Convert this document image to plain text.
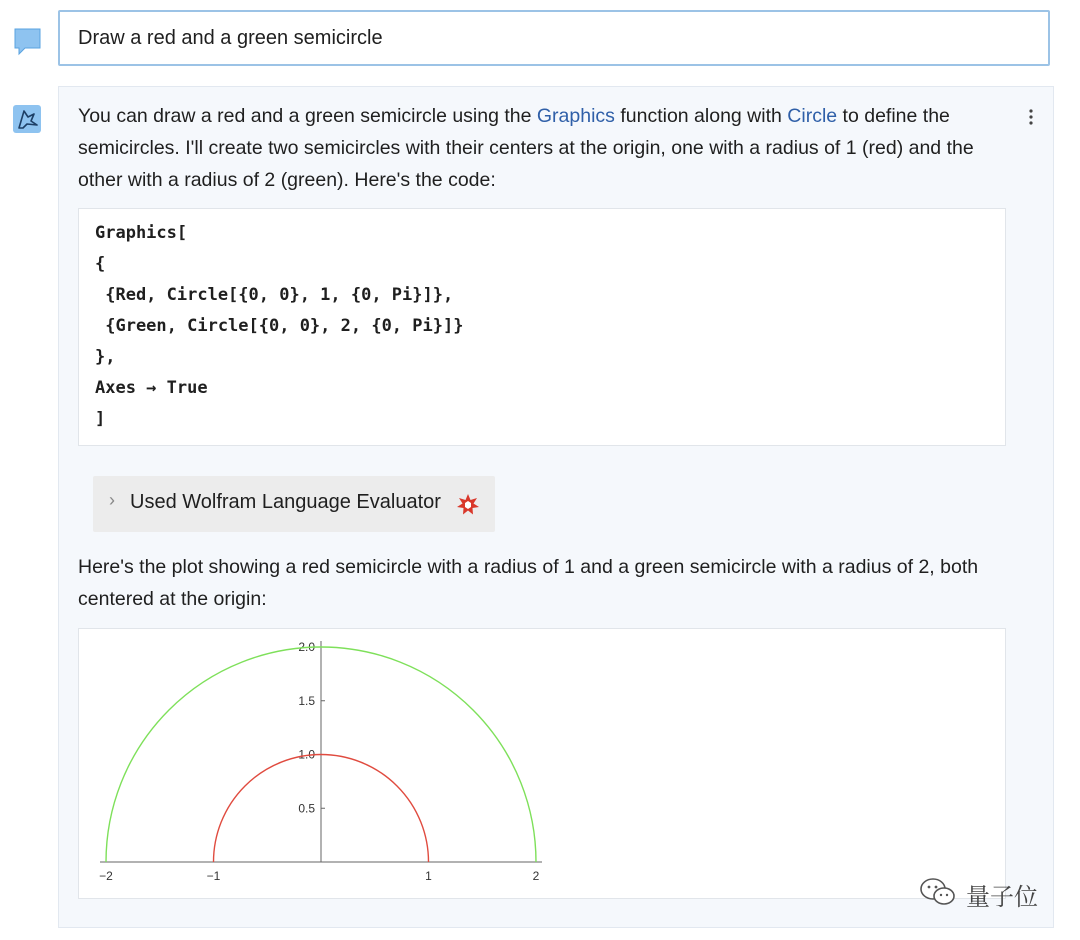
Draw a red and a green semicircle
You can draw a red and a green semicircle using the Graphics function along with Circle to define the semicircles. I'll create two semicircles with their centers at the origin, one with a radius of 1 (red) and the other with a radius of 2 (green). Here's the code:
Graphics[
{
{Red, Circle[{0, 0}, 1, {0, Pi}]},
{Green, Circle[{0, 0}, 2, {0, Pi}]}
},
Axes → True
]
› Used Wolfram Language Evaluator
Here's the plot showing a red semicircle with a radius of 1 and a green semicircle with a radius of 2, both centered at the origin:
−2	−1	1	2
0.5
1.0
1.5
2.0
量子位
